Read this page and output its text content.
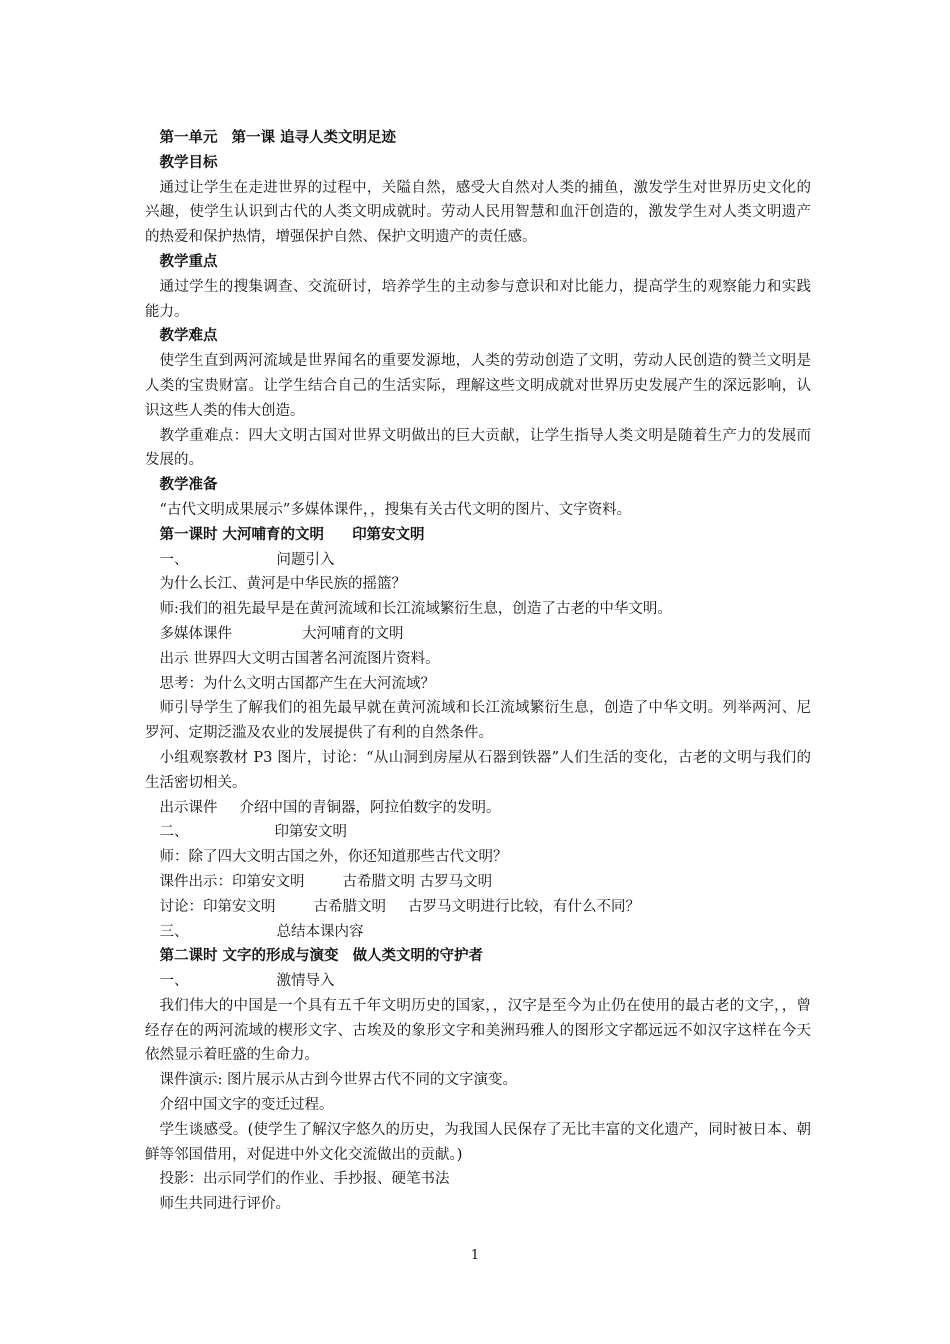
第一单元 第一课 追寻人类文明足迹
教学目标
通过让学生在走进世界的过程中，关隘自然，感受大自然对人类的捕鱼，激发学生对世界历史文化的兴趣，使学生认识到古代的人类文明成就时。劳动人民用智慧和血汗创造的，激发学生对人类文明遗产的热爱和保护热情，增强保护自然、保护文明遗产的责任感。
教学重点
通过学生的搜集调查、交流研讨，培养学生的主动参与意识和对比能力，提高学生的观察能力和实践能力。
教学难点
使学生直到两河流域是世界闻名的重要发源地，人类的劳动创造了文明，劳动人民创造的赞兰文明是人类的宝贵财富。让学生结合自己的生活实际，理解这些文明成就对世界历史发展产生的深远影响，认识这些人类的伟大创造。
教学重难点：四大文明古国对世界文明做出的巨大贡献，让学生指导人类文明是随着生产力的发展而发展的。
教学准备
“古代文明成果展示”多媒体课件，，搜集有关古代文明的图片、文字资料。
第一课时 大河哺育的文明 印第安文明
一、	问题引入
为什么长江、黄河是中华民族的摇篮？
师:我们的祖先最早是在黄河流域和长江流域繁衍生息，创造了古老的中华文明。
多媒体课件	大河哺育的文明
出示 世界四大文明古国著名河流图片资料。
思考：为什么文明古国都产生在大河流域？
师引导学生了解我们的祖先最早就在黄河流域和长江流域繁衍生息，创造了中华文明。列举两河、尼罗河、定期泛滥及农业的发展提供了有利的自然条件。
小组观察教材 P3 图片，讨论：“从山洞到房屋从石器到铁器”人们生活的变化，古老的文明与我们的生活密切相关。
出示课件 介绍中国的青铜器，阿拉伯数字的发明。
二、	印第安文明
师：除了四大文明古国之外，你还知道那些古代文明？
课件出示：印第安文明	古希腊文明 古罗马文明
讨论：印第安文明	古希腊文明 古罗马文明进行比较，有什么不同？
三、	总结本课内容
第二课时 文字的形成与演变 做人类文明的守护者
一、	激情导入
我们伟大的中国是一个具有五千年文明历史的国家，，汉字是至今为止仍在使用的最古老的文字，，曾经存在的两河流域的楔形文字、古埃及的象形文字和美洲玛雅人的图形文字都远远不如汉字这样在今天依然显示着旺盛的生命力。
课件演示: 图片展示从古到今世界古代不同的文字演变。
介绍中国文字的变迁过程。
学生谈感受。(使学生了解汉字悠久的历史，为我国人民保存了无比丰富的文化遗产，同时被日本、朝鲜等邻国借用，对促进中外文化交流做出的贡献。)
投影：出示同学们的作业、手抄报、硬笔书法
师生共同进行评价。
1
